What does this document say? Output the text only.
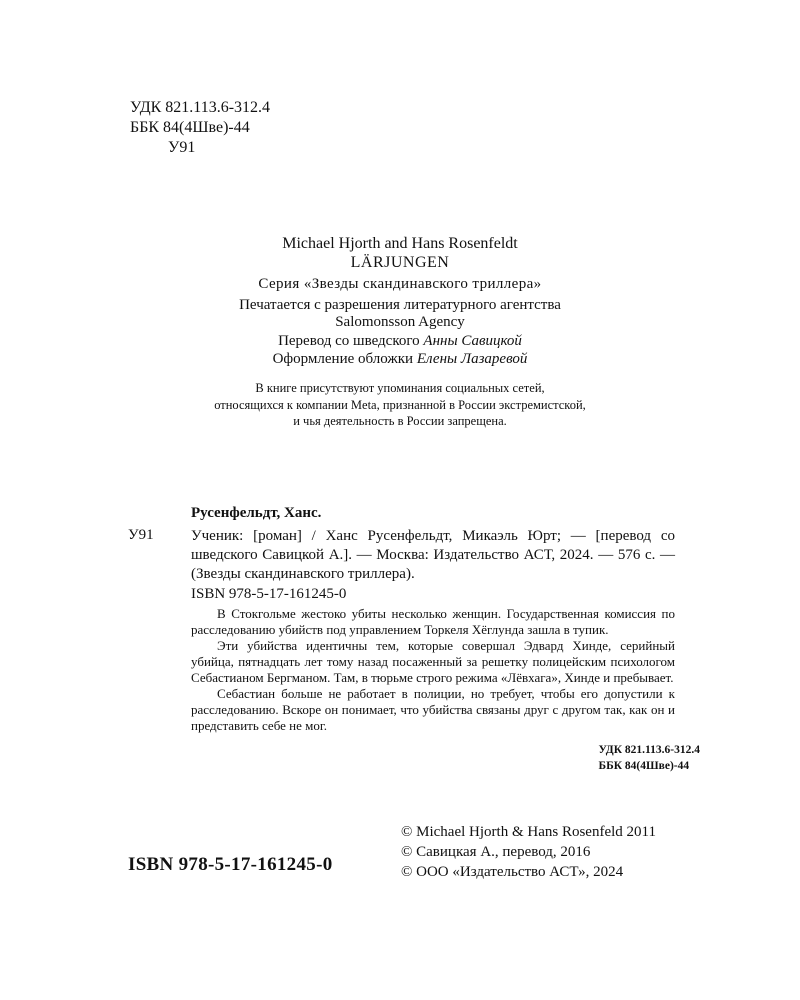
УДК 821.113.6-312.4
ББК 84(4Шве)-44
У91
Michael Hjorth and Hans Rosenfeldt
LÄRJUNGEN
Серия «Звезды скандинавского триллера»
Печатается с разрешения литературного агентства
Salomonsson Agency
Перевод со шведского Анны Савицкой
Оформление обложки Елены Лазаревой
В книге присутствуют упоминания социальных сетей,
относящихся к компании Meta, признанной в России экстремистской,
и чья деятельность в России запрещена.
Русенфельдт, Ханс.
У91 Ученик: [роман] / Ханс Русенфельдт, Микаэль Юрт; — [перевод со шведского Савицкой А.]. — Москва: Издательство АСТ, 2024. — 576 с. — (Звезды скандинавского триллера).
ISBN 978-5-17-161245-0

В Стокгольме жестоко убиты несколько женщин. Государственная комиссия по расследованию убийств под управлением Торкеля Хёглунда зашла в тупик.

Эти убийства идентичны тем, которые совершал Эдвард Хинде, серийный убийца, пятнадцать лет тому назад посаженный за решетку полицейским психологом Себастианом Бергманом. Там, в тюрьме строго режима «Лёвхага», Хинде и пребывает.

Себастиан больше не работает в полиции, но требует, чтобы его допустили к расследованию. Вскоре он понимает, что убийства связаны друг с другом так, как он и представить себе не мог.

УДК 821.113.6-312.4
ББК 84(4Шве)-44
© Michael Hjorth & Hans Rosenfeld 2011
© Савицкая А., перевод, 2016
© ООО «Издательство АСТ», 2024
ISBN 978-5-17-161245-0
